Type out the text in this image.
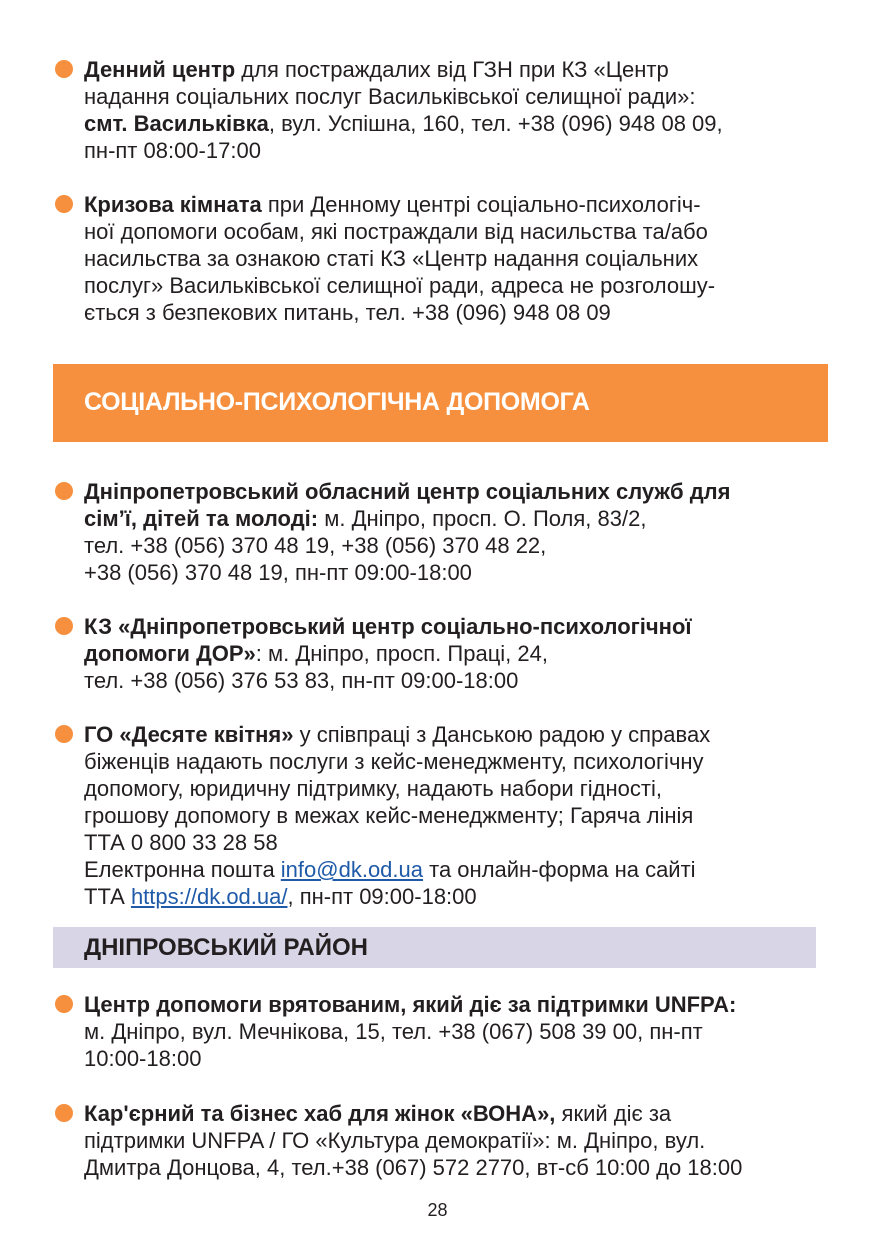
Денний центр для постраждалих від ГЗН при КЗ «Центр

надання соціальних послуг Васильківської селищної ради»:

смт. Васильківка, вул. Успішна, 160, тел. +38 (096) 948 08 09,

пн-пт 08:00-17:00

Кризова кімната при Денному центрі соціально-психологіч-

ної допомоги особам, які постраждали від насильства та/або

насильства за ознакою статі КЗ «Центр надання соціальних

послуг» Васильківської селищної ради, адреса не розголошу-

ється з безпекових питань, тел. +38 (096) 948 08 09

СОЦІАЛЬНО-ПСИХОЛОГІЧНА ДОПОМОГА

Дніпропетровський обласний центр соціальних служб для

сім’ї, дітей та молоді: м. Дніпро, просп. О. Поля, 83/2,

тел. +38 (056) 370 48 19, +38 (056) 370 48 22,

+38 (056) 370 48 19, пн-пт 09:00-18:00

КЗ «Дніпропетровський центр соціально-психологічної

допомоги ДОР»: м. Дніпро, просп. Праці, 24,

тел. +38 (056) 376 53 83, пн-пт 09:00-18:00

ГО «Десяте квітня» у співпраці з Данською радою у справах

біженців надають послуги з кейс-менеджменту, психологічну

допомогу, юридичну підтримку, надають набори гідності,

грошову допомогу в межах кейс-менеджменту; Гаряча лінія

ТТА 0 800 33 28 58

Електронна пошта info@dk.od.ua та онлайн-форма на сайті

ТТА https://dk.od.ua/, пн-пт 09:00-18:00

ДНІПРОВСЬКИЙ РАЙОН

Центр допомоги врятованим, який діє за підтримки UNFPA:

м. Дніпро, вул. Мечнікова, 15, тел. +38 (067) 508 39 00, пн-пт

10:00-18:00

Кар'єрний та бізнес хаб для жінок «ВОНА», який діє за

підтримки UNFPA / ГО «Культура демократії»: м. Дніпро, вул.

Дмитра Донцова, 4, тел.+38 (067) 572 2770, вт-сб 10:00 до 18:00

28
